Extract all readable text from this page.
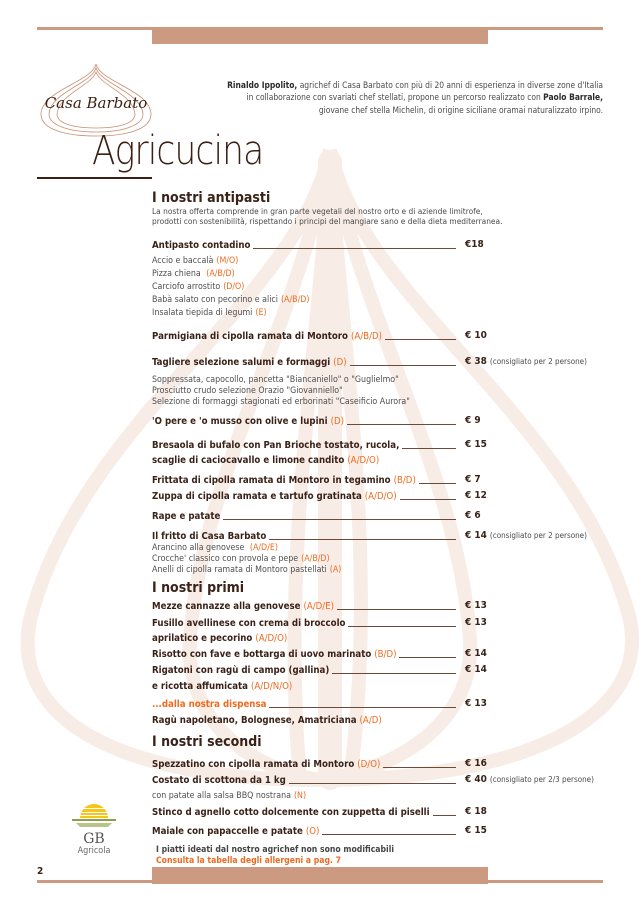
Casa Barbato
Rinaldo Ippolito, agrichef di Casa Barbato con più di 20 anni di esperienza in diverse zone d'Italia
in collaborazione con svariati chef stellati, propone un percorso realizzato con Paolo Barrale,
giovane chef stella Michelin, di origine siciliane oramai naturalizzato irpino.
Agricucina
I nostri antipasti
La nostra offerta comprende in gran parte vegetali del nostro orto e di aziende limitrofe, prodotti con sostenibilità, rispettando i principi del mangiare sano e della dieta mediterranea.
Antipasto contadino	€18
Accio e baccalà (M/O)
Pizza chiena (A/B/D)
Carciofo arrostito (D/O)
Babà salato con pecorino e alici (A/B/D)
Insalata tiepida di legumi (E)
Parmigiana di cipolla ramata di Montoro (A/B/D)	€ 10
Tagliere selezione salumi e formaggi (D)	€ 38 (consigliato per 2 persone)
Soppressata, capocollo, pancetta "Biancaniello" o "Guglielmo"
Prosciutto crudo selezione Orazio "Giovanniello"
Selezione di formaggi stagionati ed erborinati "Caseificio Aurora"
'O pere e 'o musso con olive e lupini (D)	€ 9
Bresaola di bufalo con Pan Brioche tostato, rucola,	€ 15
scaglie di caciocavallo e limone candito (A/D/O)
Frittata di cipolla ramata di Montoro in tegamino (B/D)	€ 7
Zuppa di cipolla ramata e tartufo gratinata (A/D/O)	€ 12
Rape e patate	€ 6
Il fritto di Casa Barbato	€ 14 (consigliato per 2 persone)
Arancino alla genovese (A/D/E)
Crocche' classico con provola e pepe (A/B/D)
Anelli di cipolla ramata di Montoro pastellati (A)
I nostri primi
Mezze cannazze alla genovese (A/D/E)	€ 13
Fusillo avellinese con crema di broccolo	€ 13
aprilatico e pecorino (A/D/O)
Risotto con fave e bottarga di uovo marinato (B/D)	€ 14
Rigatoni con ragù di campo (gallina)	€ 14
e ricotta affumicata (A/D/N/O)
...dalla nostra dispensa	€ 13
Ragù napoletano, Bolognese, Amatriciana (A/D)
I nostri secondi
Spezzatino con cipolla ramata di Montoro (D/O)	€ 16
Costato di scottona da 1 kg	€ 40 (consigliato per 2/3 persone)
con patate alla salsa BBQ nostrana (N)
Stinco d agnello cotto dolcemente con zuppetta di piselli	€ 18
Maiale con papaccelle e patate (O)	€ 15
GB
Agricola	I piatti ideati dal nostro agrichef non sono modificabili
Consulta la tabella degli allergeni a pag. 7
2
